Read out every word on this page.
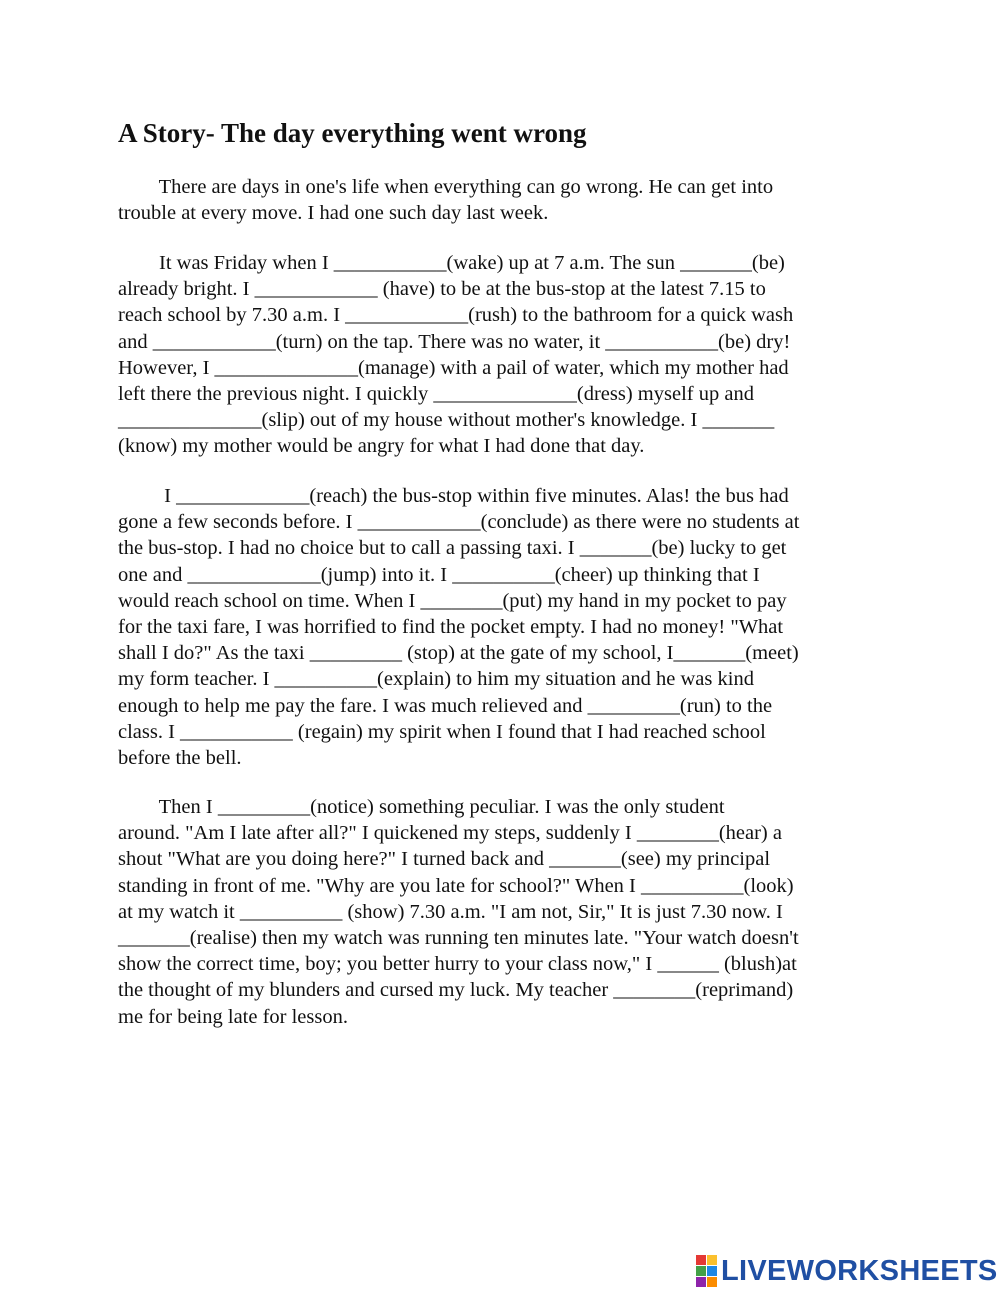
A Story- The day everything went wrong
There are days in one's life when everything can go wrong. He can get into
trouble at every move. I had one such day last week.
It was Friday when I ___________(wake) up at 7 a.m. The sun _______(be)
already bright. I ____________ (have) to be at the bus-stop at the latest 7.15 to
reach school by 7.30 a.m. I ____________(rush) to the bathroom for a quick wash
and ____________(turn) on the tap. There was no water, it ___________(be) dry!
However, I ______________(manage) with a pail of water, which my mother had
left there the previous night. I quickly ______________(dress) myself up and
______________(slip) out of my house without mother's knowledge. I _______
(know) my mother would be angry for what I had done that day.
I _____________(reach) the bus-stop within five minutes. Alas! the bus had
gone a few seconds before. I ____________(conclude) as there were no students at
the bus-stop. I had no choice but to call a passing taxi. I _______(be) lucky to get
one and _____________(jump) into it. I __________(cheer) up thinking that I
would reach school on time. When I ________(put) my hand in my pocket to pay
for the taxi fare, I was horrified to find the pocket empty. I had no money! "What
shall I do?" As the taxi _________ (stop) at the gate of my school, I_______(meet)
my form teacher. I __________(explain) to him my situation and he was kind
enough to help me pay the fare. I was much relieved and _________(run) to the
class. I ___________ (regain) my spirit when I found that I had reached school
before the bell.
Then I _________(notice) something peculiar. I was the only student
around. "Am I late after all?" I quickened my steps, suddenly I ________(hear) a
shout "What are you doing here?" I turned back and _______(see) my principal
standing in front of me. "Why are you late for school?" When I __________(look)
at my watch it __________ (show) 7.30 a.m. "I am not, Sir," It is just 7.30 now. I
_______(realise) then my watch was running ten minutes late. "Your watch doesn't
show the correct time, boy; you better hurry to your class now," I ______ (blush)at
the thought of my blunders and cursed my luck. My teacher ________(reprimand)
me for being late for lesson.
LIVEWORKSHEETS
